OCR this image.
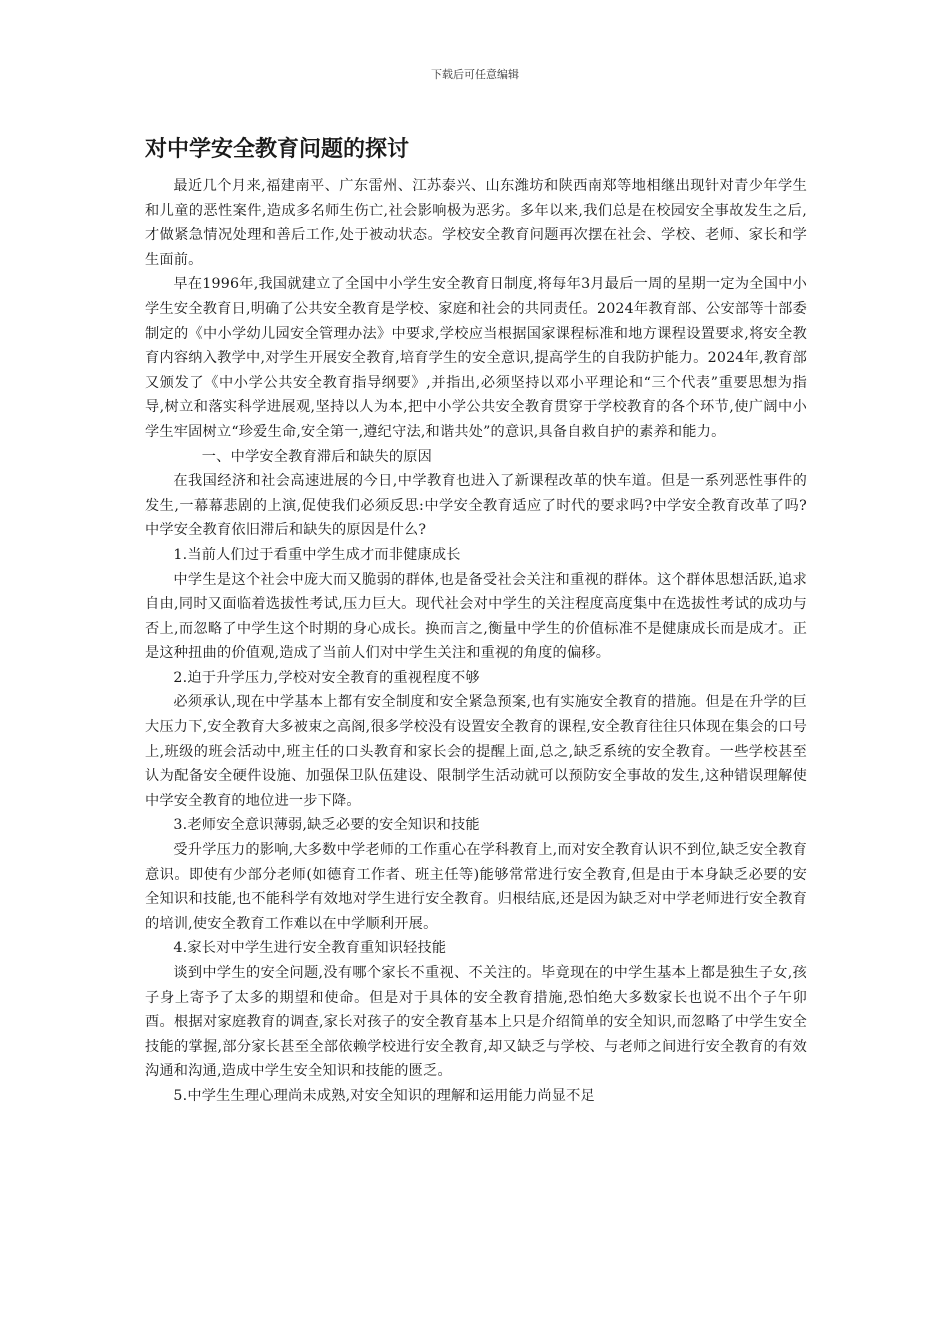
下载后可任意编辑
对中学安全教育问题的探讨

最近几个月来,福建南平、广东雷州、江苏泰兴、山东潍坊和陕西南郑等地相继出现针对青少年学生和儿童的恶性案件,造成多名师生伤亡,社会影响极为恶劣。多年以来,我们总是在校园安全事故发生之后,才做紧急情况处理和善后工作,处于被动状态。学校安全教育问题再次摆在社会、学校、老师、家长和学生面前。

早在1996年,我国就建立了全国中小学生安全教育日制度,将每年3月最后一周的星期一定为全国中小学生安全教育日,明确了公共安全教育是学校、家庭和社会的共同责任。2024年教育部、公安部等十部委制定的《中小学幼儿园安全管理办法》中要求,学校应当根据国家课程标准和地方课程设置要求,将安全教育内容纳入教学中,对学生开展安全教育,培育学生的安全意识,提高学生的自我防护能力。2024年,教育部又颁发了《中小学公共安全教育指导纲要》,并指出,必须坚持以邓小平理论和“三个代表”重要思想为指导,树立和落实科学进展观,坚持以人为本,把中小学公共安全教育贯穿于学校教育的各个环节,使广阔中小学生牢固树立“珍爱生命,安全第一,遵纪守法,和谐共处”的意识,具备自救自护的素养和能力。

一、中学安全教育滞后和缺失的原因

在我国经济和社会高速进展的今日,中学教育也进入了新课程改革的快车道。但是一系列恶性事件的发生,一幕幕悲剧的上演,促使我们必须反思:中学安全教育适应了时代的要求吗?中学安全教育改革了吗?中学安全教育依旧滞后和缺失的原因是什么?

1.当前人们过于看重中学生成才而非健康成长

中学生是这个社会中庞大而又脆弱的群体,也是备受社会关注和重视的群体。这个群体思想活跃,追求自由,同时又面临着选拔性考试,压力巨大。现代社会对中学生的关注程度高度集中在选拔性考试的成功与否上,而忽略了中学生这个时期的身心成长。换而言之,衡量中学生的价值标准不是健康成长而是成才。正是这种扭曲的价值观,造成了当前人们对中学生关注和重视的角度的偏移。

2.迫于升学压力,学校对安全教育的重视程度不够

必须承认,现在中学基本上都有安全制度和安全紧急预案,也有实施安全教育的措施。但是在升学的巨大压力下,安全教育大多被束之高阁,很多学校没有设置安全教育的课程,安全教育往往只体现在集会的口号上,班级的班会活动中,班主任的口头教育和家长会的提醒上面,总之,缺乏系统的安全教育。一些学校甚至认为配备安全硬件设施、加强保卫队伍建设、限制学生活动就可以预防安全事故的发生,这种错误理解使中学安全教育的地位进一步下降。

3.老师安全意识薄弱,缺乏必要的安全知识和技能

受升学压力的影响,大多数中学老师的工作重心在学科教育上,而对安全教育认识不到位,缺乏安全教育意识。即使有少部分老师(如德育工作者、班主任等)能够常常进行安全教育,但是由于本身缺乏必要的安全知识和技能,也不能科学有效地对学生进行安全教育。归根结底,还是因为缺乏对中学老师进行安全教育的培训,使安全教育工作难以在中学顺利开展。

4.家长对中学生进行安全教育重知识轻技能

谈到中学生的安全问题,没有哪个家长不重视、不关注的。毕竟现在的中学生基本上都是独生子女,孩子身上寄予了太多的期望和使命。但是对于具体的安全教育措施,恐怕绝大多数家长也说不出个子午卯酉。根据对家庭教育的调查,家长对孩子的安全教育基本上只是介绍简单的安全知识,而忽略了中学生安全技能的掌握,部分家长甚至全部依赖学校进行安全教育,却又缺乏与学校、与老师之间进行安全教育的有效沟通和沟通,造成中学生安全知识和技能的匮乏。

5.中学生生理心理尚未成熟,对安全知识的理解和运用能力尚显不足
